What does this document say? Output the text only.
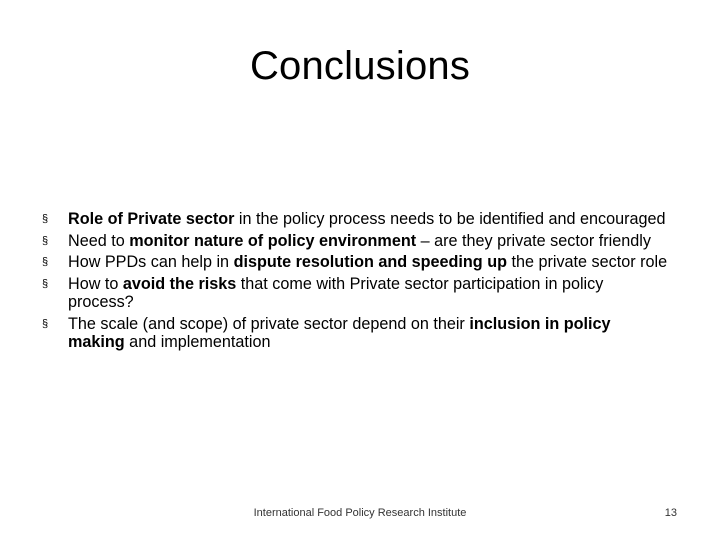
Conclusions
§	Role of Private sector in the policy process needs to be identified and encouraged
§	Need to monitor nature of policy environment – are they private sector friendly
§	How PPDs can help in dispute resolution and speeding up the private sector role
§	How to avoid the risks that come with Private sector participation in policy process?
§	The scale (and scope) of private sector depend on their inclusion in policy making and implementation
International Food Policy Research Institute	13
